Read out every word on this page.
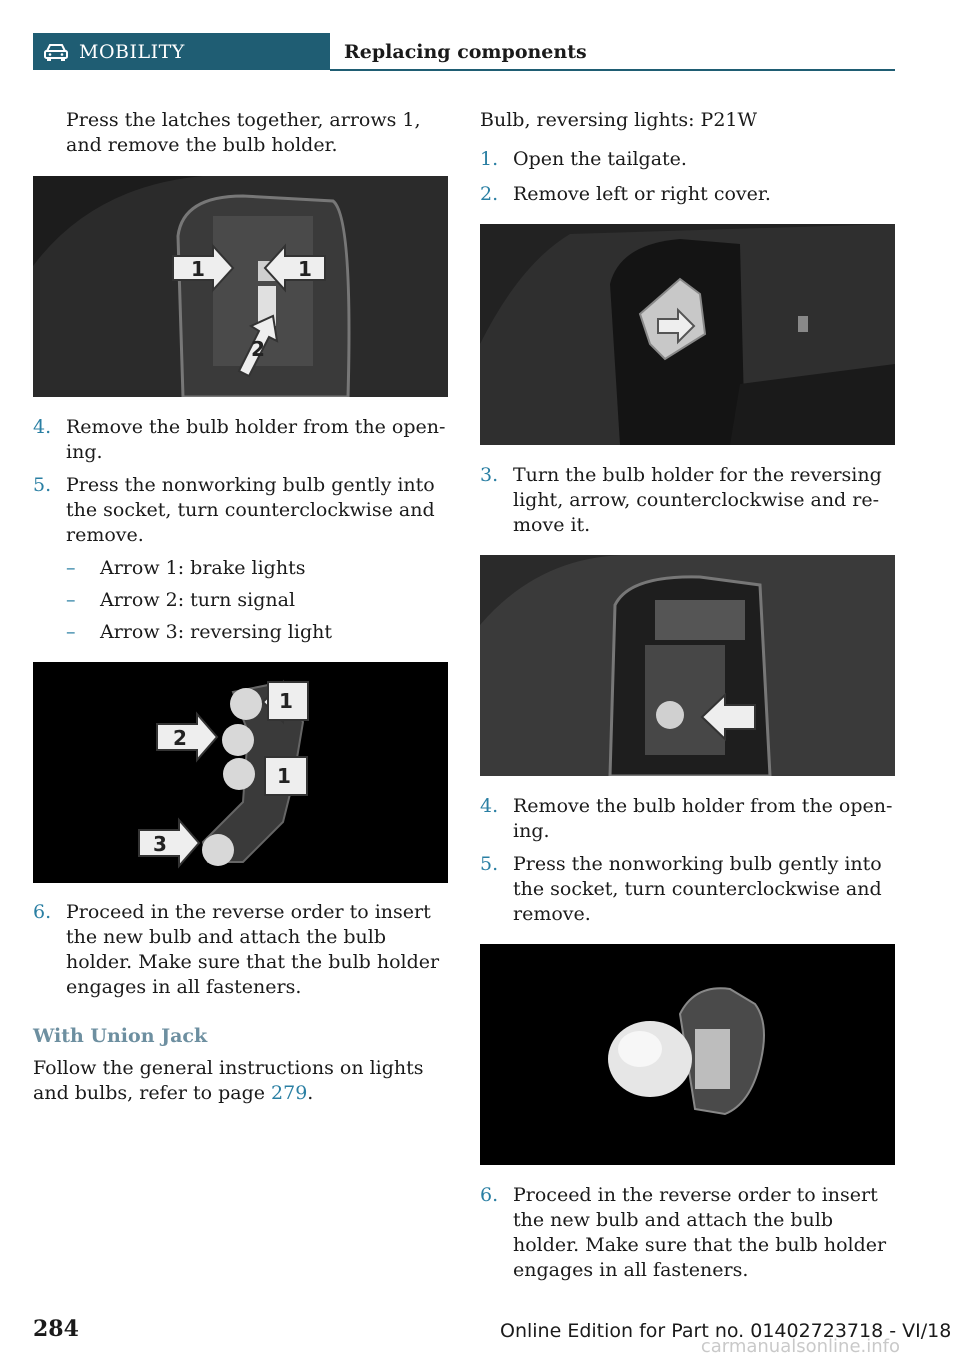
MOBILITY	Replacing components

Press the latches together, arrows 1, and remove the bulb holder.

1	1
2
4. Remove the bulb holder from the open-ing.
5. Press the nonworking bulb gently into the socket, turn counterclockwise and remove.
–	Arrow 1: brake lights
–	Arrow 2: turn signal
–	Arrow 3: reversing light
1
2
1
3
6. Proceed in the reverse order to insert the new bulb and attach the bulb holder. Make sure that the bulb holder engages in all fasteners.

With Union Jack

Follow the general instructions on lights and bulbs, refer to page 279.

Bulb, reversing lights: P21W

1. Open the tailgate.
2. Remove left or right cover.
3. Turn the bulb holder for the reversing light, arrow, counterclockwise and re-move it.
4. Remove the bulb holder from the open-ing.
5. Press the nonworking bulb gently into the socket, turn counterclockwise and remove.
6. Proceed in the reverse order to insert the new bulb and attach the bulb holder. Make sure that the bulb holder engages in all fasteners.
284	Online Edition for Part no. 01402723718 - VI/18
carmanualsonline.info
